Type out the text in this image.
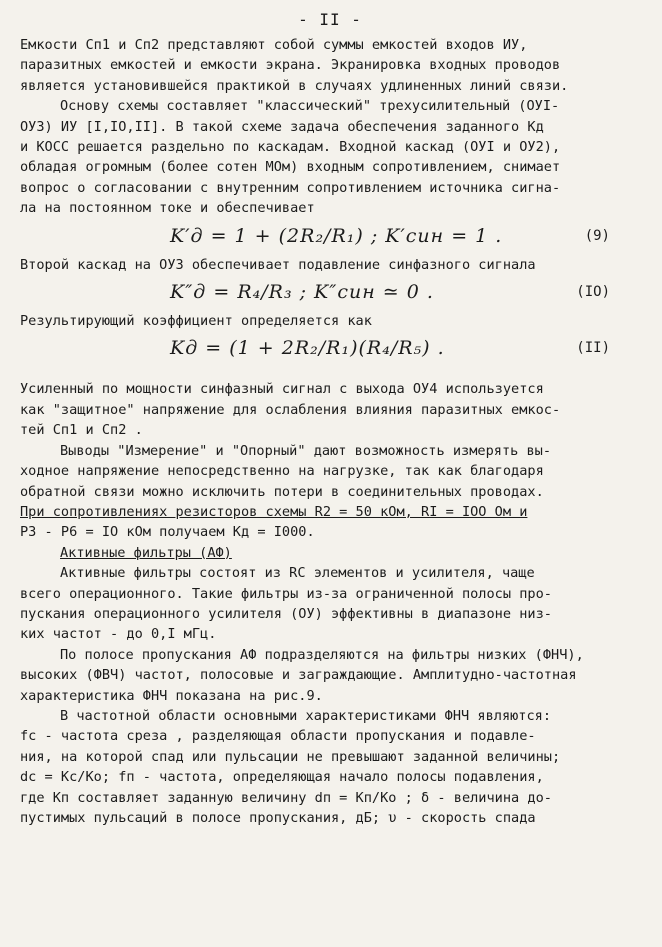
- II -
Емкости Сп1 и Сп2 представляют собой суммы емкостей входов ИУ,
паразитных емкостей и емкости экрана. Экранировка входных проводов
является установившейся практикой в случаях удлиненных линий связи.
Основу схемы составляет "классический" трехусилительный (ОУI-
ОУ3) ИУ [I,IO,II]. В такой схеме задача обеспечения заданного Кд
и КОСС решается раздельно по каскадам. Входной каскад (ОУI и ОУ2),
обладая огромным (более сотен МОм) входным сопротивлением, снимает
вопрос о согласовании с внутренним сопротивлением источника сигна-
ла на постоянном токе и обеспечивает
K′д = 1 + (2R₂/R₁) ; K′син = 1 .	(9)
Второй каскад на ОУ3 обеспечивает подавление синфазного сигнала
K″д = R₄/R₃ ; K″син ≃ 0 .	(IO)
Результирующий коэффициент определяется как
Kд = (1 + 2R₂/R₁)(R₄/R₅) .	(II)
Усиленный по мощности синфазный сигнал с выхода ОУ4 используется
как "защитное" напряжение для ослабления влияния паразитных емкос-
тей Сп1 и Сп2 .
Выводы "Измерение" и "Опорный" дают возможность измерять вы-
ходное напряжение непосредственно на нагрузке, так как благодаря
обратной связи можно исключить потери в соединительных проводах.
При сопротивлениях резисторов схемы R2 = 50 кОм, RI = IOO Ом и
Р3 - Р6 = IO кОм получаем Кд = I000.
Активные фильтры (АФ)
Активные фильтры состоят из RC элементов и усилителя, чаще
всего операционного. Такие фильтры из-за ограниченной полосы про-
пускания операционного усилителя (ОУ) эффективны в диапазоне низ-
ких частот - до 0,I мГц.
По полосе пропускания АФ подразделяются на фильтры низких (ФНЧ),
высоких (ФВЧ) частот, полосовые и заграждающие. Амплитудно-частотная
характеристика ФНЧ показана на рис.9.
В частотной области основными характеристиками ФНЧ являются:
fс - частота среза , разделяющая области пропускания и подавле-
ния, на которой спад или пульсации не превышают заданной величины;
dс = Кс/Ко; fп - частота, определяющая начало полосы подавления,
где Кп составляет заданную величину dп = Кп/Ко ; δ - величина до-
пустимых пульсаций в полосе пропускания, дБ; υ - скорость спада
